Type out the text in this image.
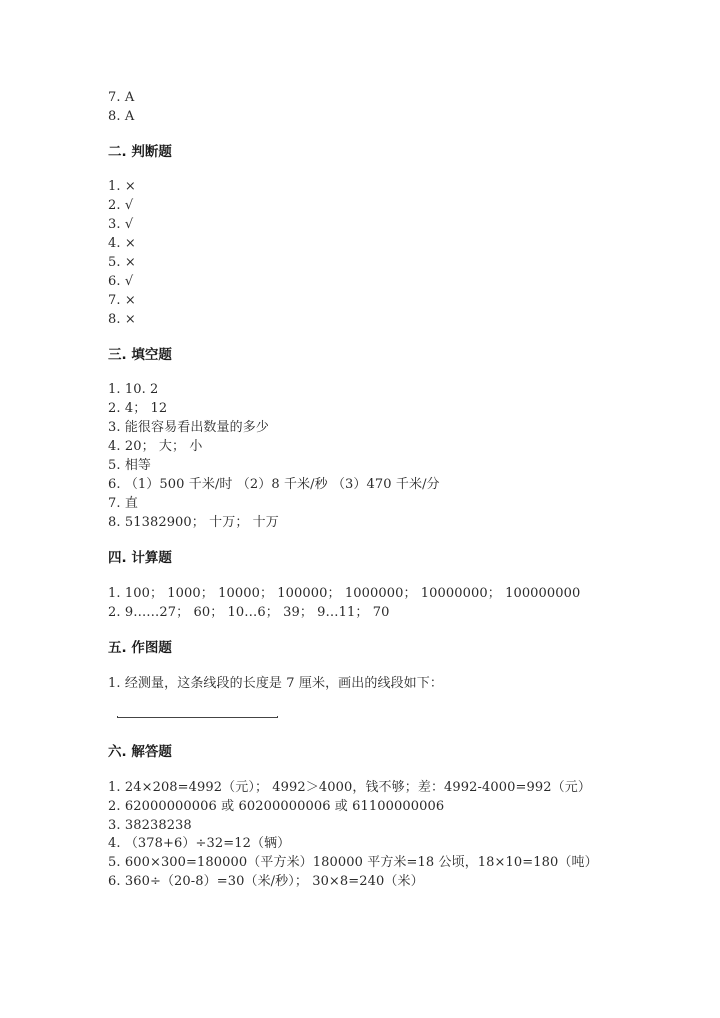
7. A
8. A
二. 判断题
1. ×
2. √
3. √
4. ×
5. ×
6. √
7. ×
8. ×
三. 填空题
1. 10. 2
2. 4； 12
3. 能很容易看出数量的多少
4. 20； 大； 小
5. 相等
6. （1）500 千米/时 （2）8 千米/秒 （3）470 千米/分
7. 直
8. 51382900； 十万； 十万
四. 计算题
1. 100； 1000； 10000； 100000； 1000000； 10000000； 100000000
2. 9……27； 60； 10…6； 39； 9…11； 70
五. 作图题
1. 经测量，这条线段的长度是 7 厘米，画出的线段如下：
六. 解答题
1. 24×208=4992（元）； 4992＞4000，钱不够；差：4992-4000=992（元）
2. 62000000006 或 60200000006 或 61100000006
3. 38238238
4. （378+6）÷32=12（辆）
5. 600×300=180000（平方米）180000 平方米=18 公顷，18×10=180（吨）
6. 360÷（20-8）=30（米/秒）； 30×8=240（米）
